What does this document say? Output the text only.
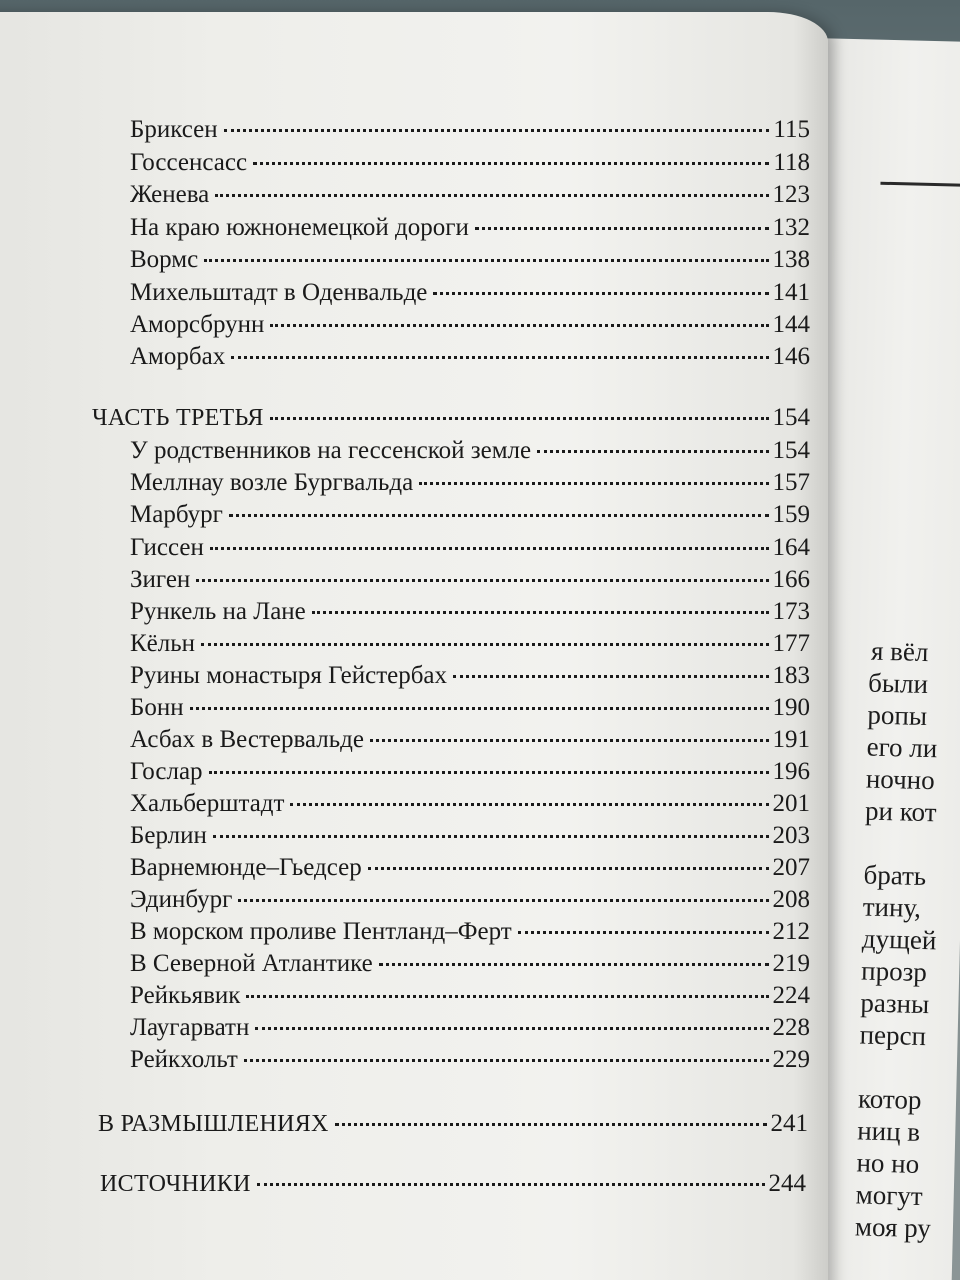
я вёл
были
ропы
его ли
ночно
ри кот
брать
тину,
дущей
прозр
разны
персп
котор
ниц в
но но
могут
моя ру
Бриксен	115
Госсенсасс	118
Женева	123
На краю южнонемецкой дороги	132
Вормс	138
Михельштадт в Оденвальде	141
Аморсбрунн	144
Аморбах	146
ЧАСТЬ ТРЕТЬЯ	154
У родственников на гессенской земле	154
Меллнау возле Бургвальда	157
Марбург	159
Гиссен	164
Зиген	166
Рункель на Лане	173
Кёльн	177
Руины монастыря Гейстербах	183
Бонн	190
Асбах в Вестервальде	191
Гослар	196
Хальберштадт	201
Берлин	203
Варнемюнде–Гьедсер	207
Эдинбург	208
В морском проливе Пентланд–Ферт	212
В Северной Атлантике	219
Рейкьявик	224
Лаугарватн	228
Рейкхольт	229
В РАЗМЫШЛЕНИЯХ	241
ИСТОЧНИКИ	244
